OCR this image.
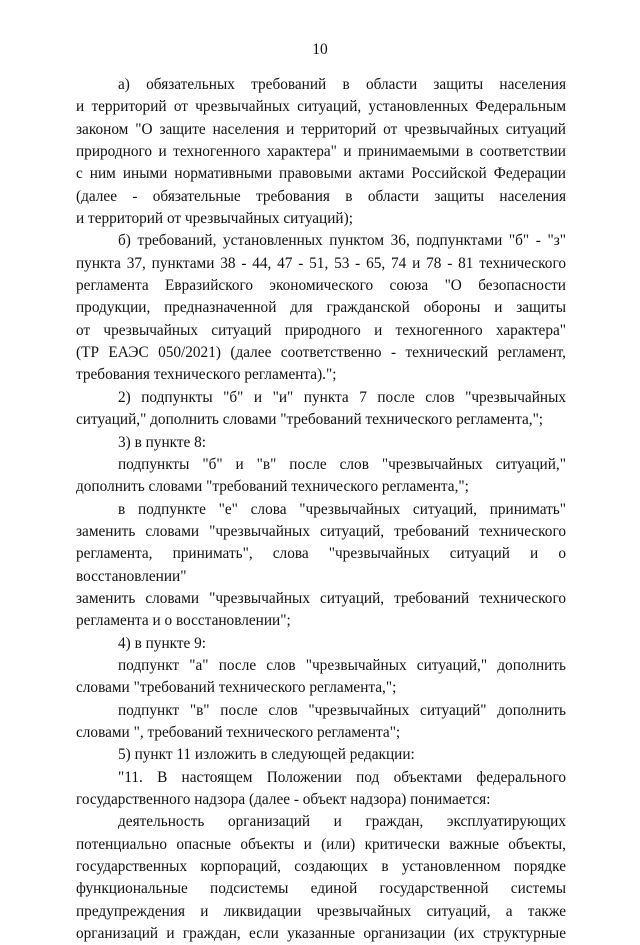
10
а) обязательных требований в области защиты населения
и территорий от чрезвычайных ситуаций, установленных Федеральным
законом "О защите населения и территорий от чрезвычайных ситуаций
природного и техногенного характера" и принимаемыми в соответствии
с ним иными нормативными правовыми актами Российской Федерации
(далее - обязательные требования в области защиты населения
и территорий от чрезвычайных ситуаций);
б) требований, установленных пунктом 36, подпунктами "б" - "з"
пункта 37, пунктами 38 - 44, 47 - 51, 53 - 65, 74 и 78 - 81 технического
регламента Евразийского экономического союза "О безопасности
продукции, предназначенной для гражданской обороны и защиты
от чрезвычайных ситуаций природного и техногенного характера"
(ТР ЕАЭС 050/2021) (далее соответственно - технический регламент,
требования технического регламента).";
2) подпункты "б" и "и" пункта 7 после слов "чрезвычайных
ситуаций," дополнить словами "требований технического регламента,";
3) в пункте 8:
подпункты "б" и "в" после слов "чрезвычайных ситуаций,"
дополнить словами "требований технического регламента,";
в подпункте "е" слова "чрезвычайных ситуаций, принимать"
заменить словами "чрезвычайных ситуаций, требований технического
регламента, принимать", слова "чрезвычайных ситуаций и о восстановлении"
заменить словами "чрезвычайных ситуаций, требований технического
регламента и о восстановлении";
4) в пункте 9:
подпункт "а" после слов "чрезвычайных ситуаций," дополнить
словами "требований технического регламента,";
подпункт "в" после слов "чрезвычайных ситуаций" дополнить
словами ", требований технического регламента";
5) пункт 11 изложить в следующей редакции:
"11. В настоящем Положении под объектами федерального
государственного надзора (далее - объект надзора) понимается:
деятельность организаций и граждан, эксплуатирующих
потенциально опасные объекты и (или) критически важные объекты,
государственных корпораций, создающих в установленном порядке
функциональные подсистемы единой государственной системы
предупреждения и ликвидации чрезвычайных ситуаций, а также
организаций и граждан, если указанные организации (их структурные
